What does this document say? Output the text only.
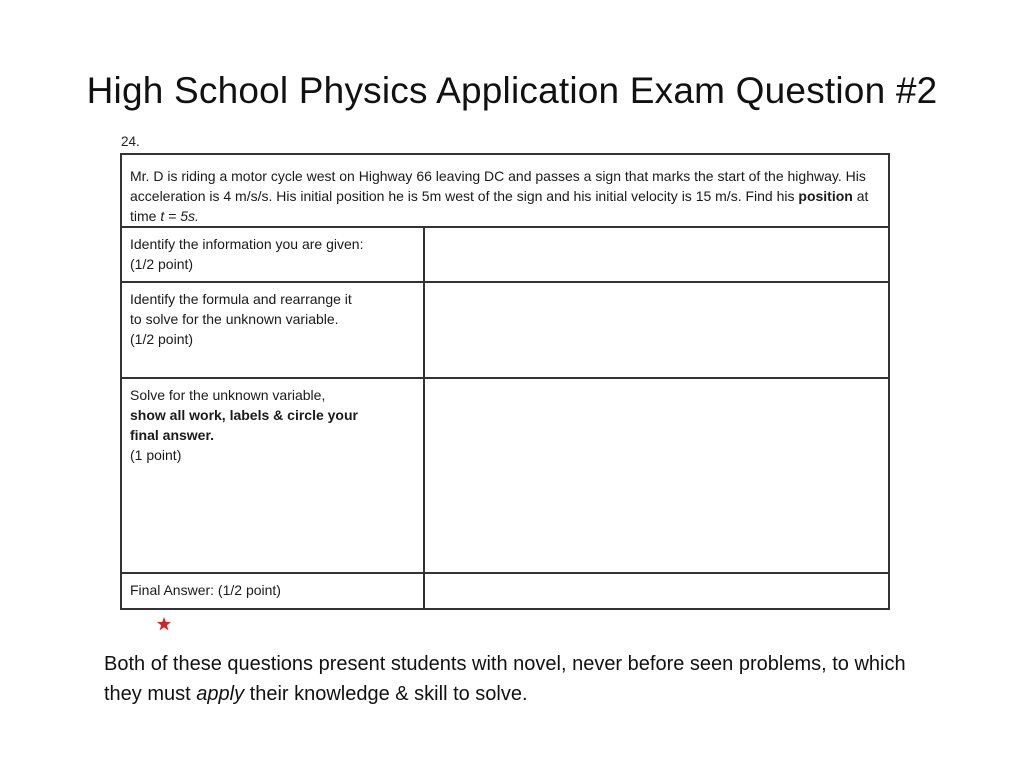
High School Physics Application Exam Question #2
24.
Mr. D is riding a motor cycle west on Highway 66 leaving DC and passes a sign that marks the start of the highway. His acceleration is 4 m/s/s. His initial position he is 5m west of the sign and his initial velocity is 15 m/s. Find his position at time t = 5s.	

Identify the information you are given:
(1/2 point)	

Identify the formula and rearrange it
to solve for the unknown variable.
(1/2 point)	

Solve for the unknown variable,
show all work, labels & circle your
final answer.
(1 point)	

Final Answer: (1/2 point)	
Both of these questions present students with novel, never before seen problems, to which they must apply their knowledge & skill to solve.
